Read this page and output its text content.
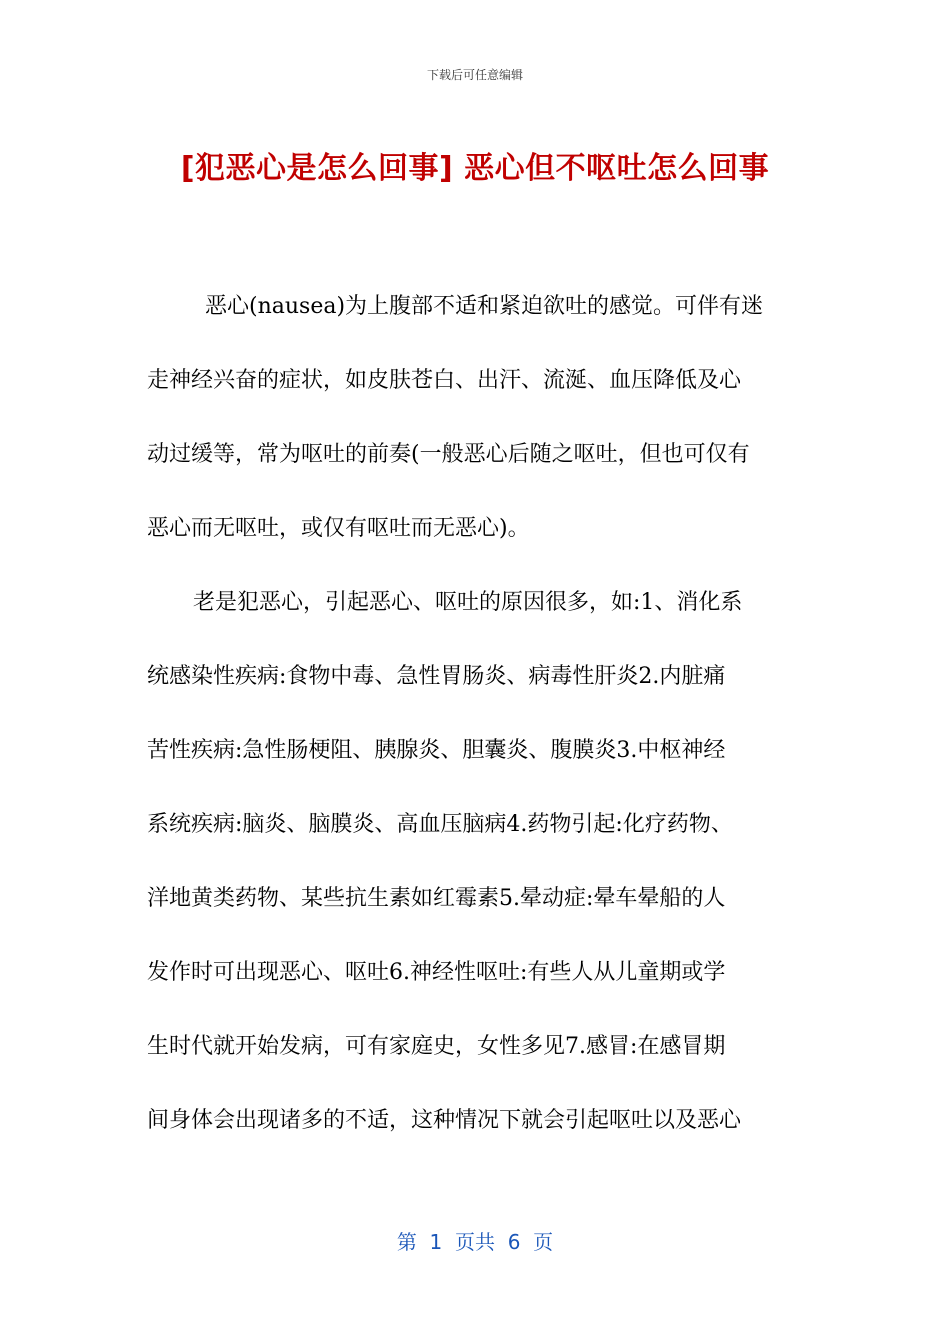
下载后可任意编辑
[犯恶心是怎么回事] 恶心但不呕吐怎么回事

恶心(nausea)为上腹部不适和紧迫欲吐的感觉。可伴有迷
走神经兴奋的症状，如皮肤苍白、出汗、流涎、血压降低及心
动过缓等，常为呕吐的前奏(一般恶心后随之呕吐，但也可仅有
恶心而无呕吐，或仅有呕吐而无恶心)。

老是犯恶心，引起恶心、呕吐的原因很多，如:1、消化系
统感染性疾病:食物中毒、急性胃肠炎、病毒性肝炎2.内脏痛
苦性疾病:急性肠梗阻、胰腺炎、胆囊炎、腹膜炎3.中枢神经
系统疾病:脑炎、脑膜炎、高血压脑病4.药物引起:化疗药物、
洋地黄类药物、某些抗生素如红霉素5.晕动症:晕车晕船的人
发作时可出现恶心、呕吐6.神经性呕吐:有些人从儿童期或学
生时代就开始发病，可有家庭史，女性多见7.感冒:在感冒期
间身体会出现诸多的不适，这种情况下就会引起呕吐以及恶心

第  1  页共  6  页
